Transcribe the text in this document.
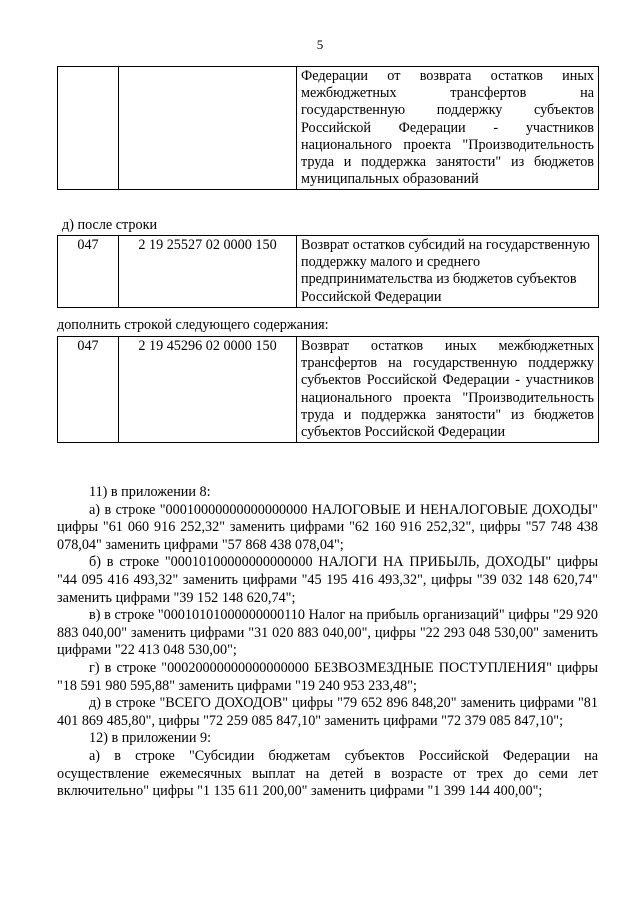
5
		Федерации от возврата остатков иных межбюджетных трансфертов на государственную поддержку субъектов Российской Федерации - участников национального проекта "Производительность труда и поддержка занятости" из бюджетов муниципальных образований
д) после строки
047	2 19 25527 02 0000 150	Возврат остатков субсидий на государственную поддержку малого и среднего предпринимательства из бюджетов субъектов Российской Федерации
дополнить строкой следующего содержания:
047	2 19 45296 02 0000 150	Возврат остатков иных межбюджетных трансфертов на государственную поддержку субъектов Российской Федерации - участников национального проекта "Производительность труда и поддержка занятости" из бюджетов субъектов Российской Федерации

11) в приложении 8:

а) в строке "00010000000000000000 НАЛОГОВЫЕ И НЕНАЛОГОВЫЕ ДОХОДЫ" цифры "61 060 916 252,32" заменить цифрами "62 160 916 252,32", цифры "57 748 438 078,04" заменить цифрами "57 868 438 078,04";

б) в строке "00010100000000000000 НАЛОГИ НА ПРИБЫЛЬ, ДОХОДЫ" цифры "44 095 416 493,32" заменить цифрами "45 195 416 493,32", цифры "39 032 148 620,74" заменить цифрами "39 152 148 620,74";

в) в строке "00010101000000000110 Налог на прибыль организаций" цифры "29 920 883 040,00" заменить цифрами "31 020 883 040,00", цифры "22 293 048 530,00" заменить цифрами "22 413 048 530,00";

г) в строке "00020000000000000000 БЕЗВОЗМЕЗДНЫЕ ПОСТУПЛЕНИЯ" цифры "18 591 980 595,88" заменить цифрами "19 240 953 233,48";

д) в строке "ВСЕГО ДОХОДОВ" цифры "79 652 896 848,20" заменить цифрами "81 401 869 485,80", цифры "72 259 085 847,10" заменить цифрами "72 379 085 847,10";

12) в приложении 9:

а) в строке "Субсидии бюджетам субъектов Российской Федерации на осуществление ежемесячных выплат на детей в возрасте от трех до семи лет включительно" цифры "1 135 611 200,00" заменить цифрами "1 399 144 400,00";
